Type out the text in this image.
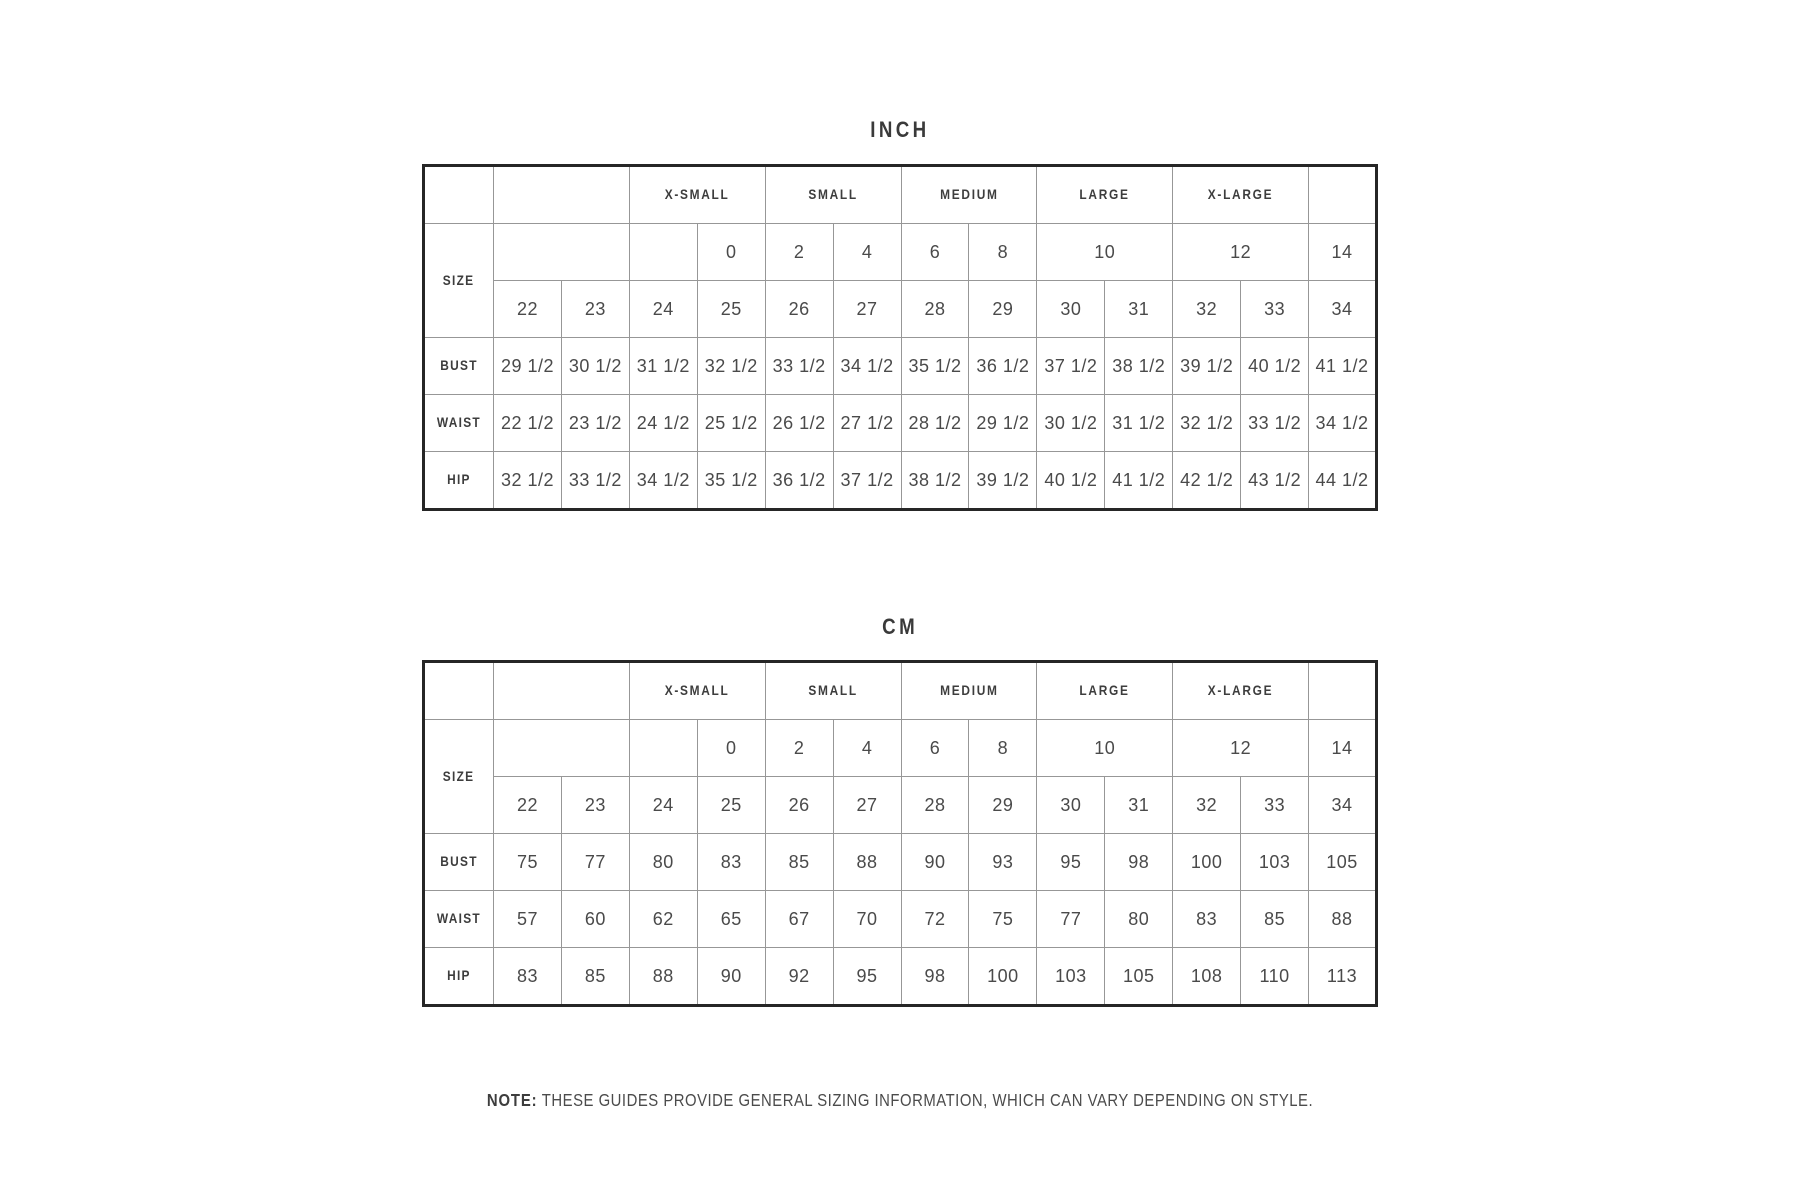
INCH
			X-SMALL		SMALL		MEDIUM		LARGE		X-LARGE		
SIZE				0	2	4	6	8	10		12		14
	22	23	24	25	26	27	28	29	30	31	32	33	34
BUST	29 1/2	30 1/2	31 1/2	32 1/2	33 1/2	34 1/2	35 1/2	36 1/2	37 1/2	38 1/2	39 1/2	40 1/2	41 1/2
WAIST	22 1/2	23 1/2	24 1/2	25 1/2	26 1/2	27 1/2	28 1/2	29 1/2	30 1/2	31 1/2	32 1/2	33 1/2	34 1/2
HIP	32 1/2	33 1/2	34 1/2	35 1/2	36 1/2	37 1/2	38 1/2	39 1/2	40 1/2	41 1/2	42 1/2	43 1/2	44 1/2
CM
			X-SMALL		SMALL		MEDIUM		LARGE		X-LARGE		
SIZE				0	2	4	6	8	10		12		14
	22	23	24	25	26	27	28	29	30	31	32	33	34
BUST	75	77	80	83	85	88	90	93	95	98	100	103	105
WAIST	57	60	62	65	67	70	72	75	77	80	83	85	88
HIP	83	85	88	90	92	95	98	100	103	105	108	110	113

NOTE: THESE GUIDES PROVIDE GENERAL SIZING INFORMATION, WHICH CAN VARY DEPENDING ON STYLE.
